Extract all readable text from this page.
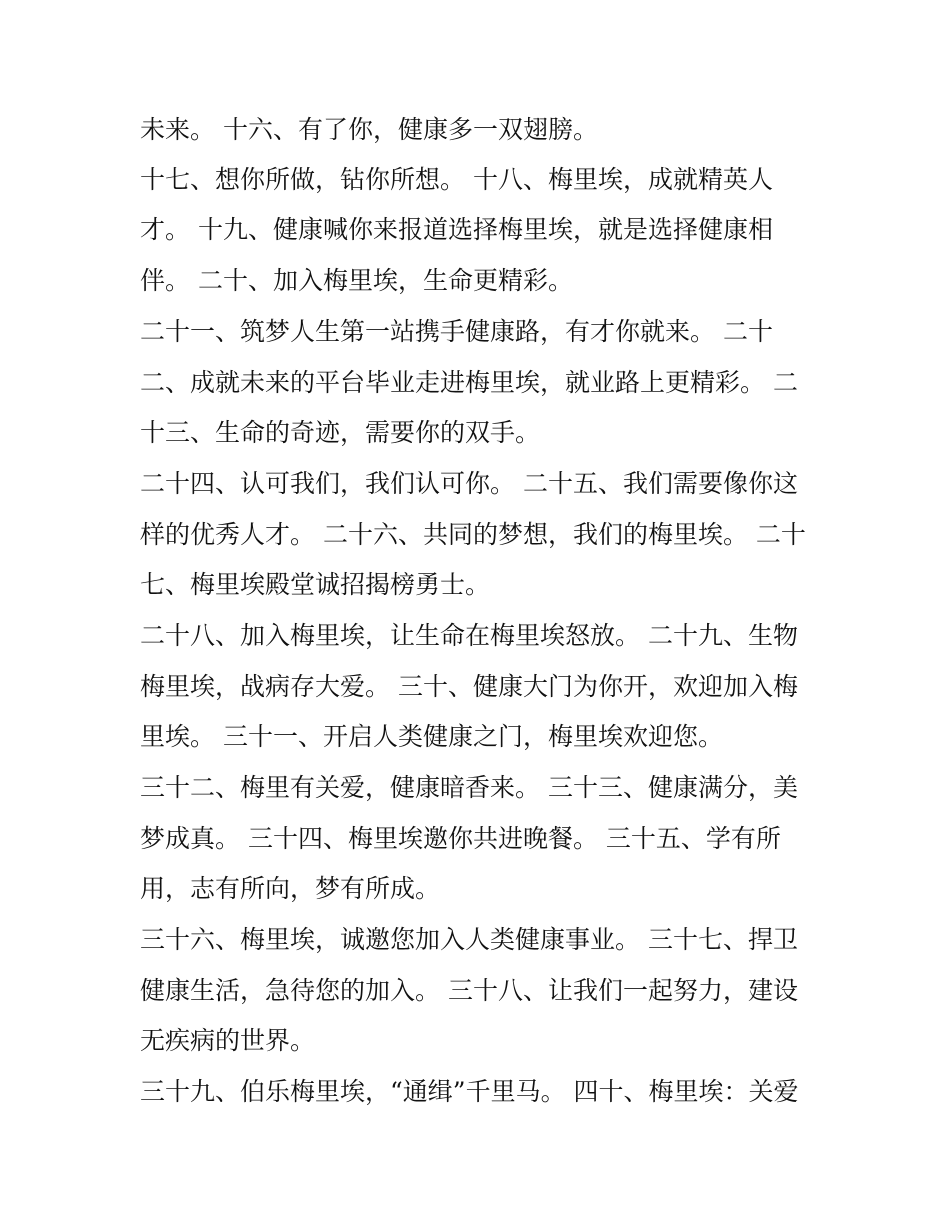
未来。 十六、有了你，健康多一双翅膀。
十七、想你所做，钻你所想。 十八、梅里埃，成就精英人
才。 十九、健康喊你来报道选择梅里埃，就是选择健康相
伴。 二十、加入梅里埃，生命更精彩。
二十一、筑梦人生第一站携手健康路，有才你就来。 二十
二、成就未来的平台毕业走进梅里埃，就业路上更精彩。 二
十三、生命的奇迹，需要你的双手。
二十四、认可我们，我们认可你。 二十五、我们需要像你这
样的优秀人才。 二十六、共同的梦想，我们的梅里埃。 二十
七、梅里埃殿堂诚招揭榜勇士。
二十八、加入梅里埃，让生命在梅里埃怒放。 二十九、生物
梅里埃，战病存大爱。 三十、健康大门为你开，欢迎加入梅
里埃。 三十一、开启人类健康之门，梅里埃欢迎您。
三十二、梅里有关爱，健康暗香来。 三十三、健康满分，美
梦成真。 三十四、梅里埃邀你共进晚餐。 三十五、学有所
用，志有所向，梦有所成。
三十六、梅里埃，诚邀您加入人类健康事业。 三十七、捍卫
健康生活，急待您的加入。 三十八、让我们一起努力，建设
无疾病的世界。
三十九、伯乐梅里埃，“通缉”千里马。 四十、梅里埃：关爱
